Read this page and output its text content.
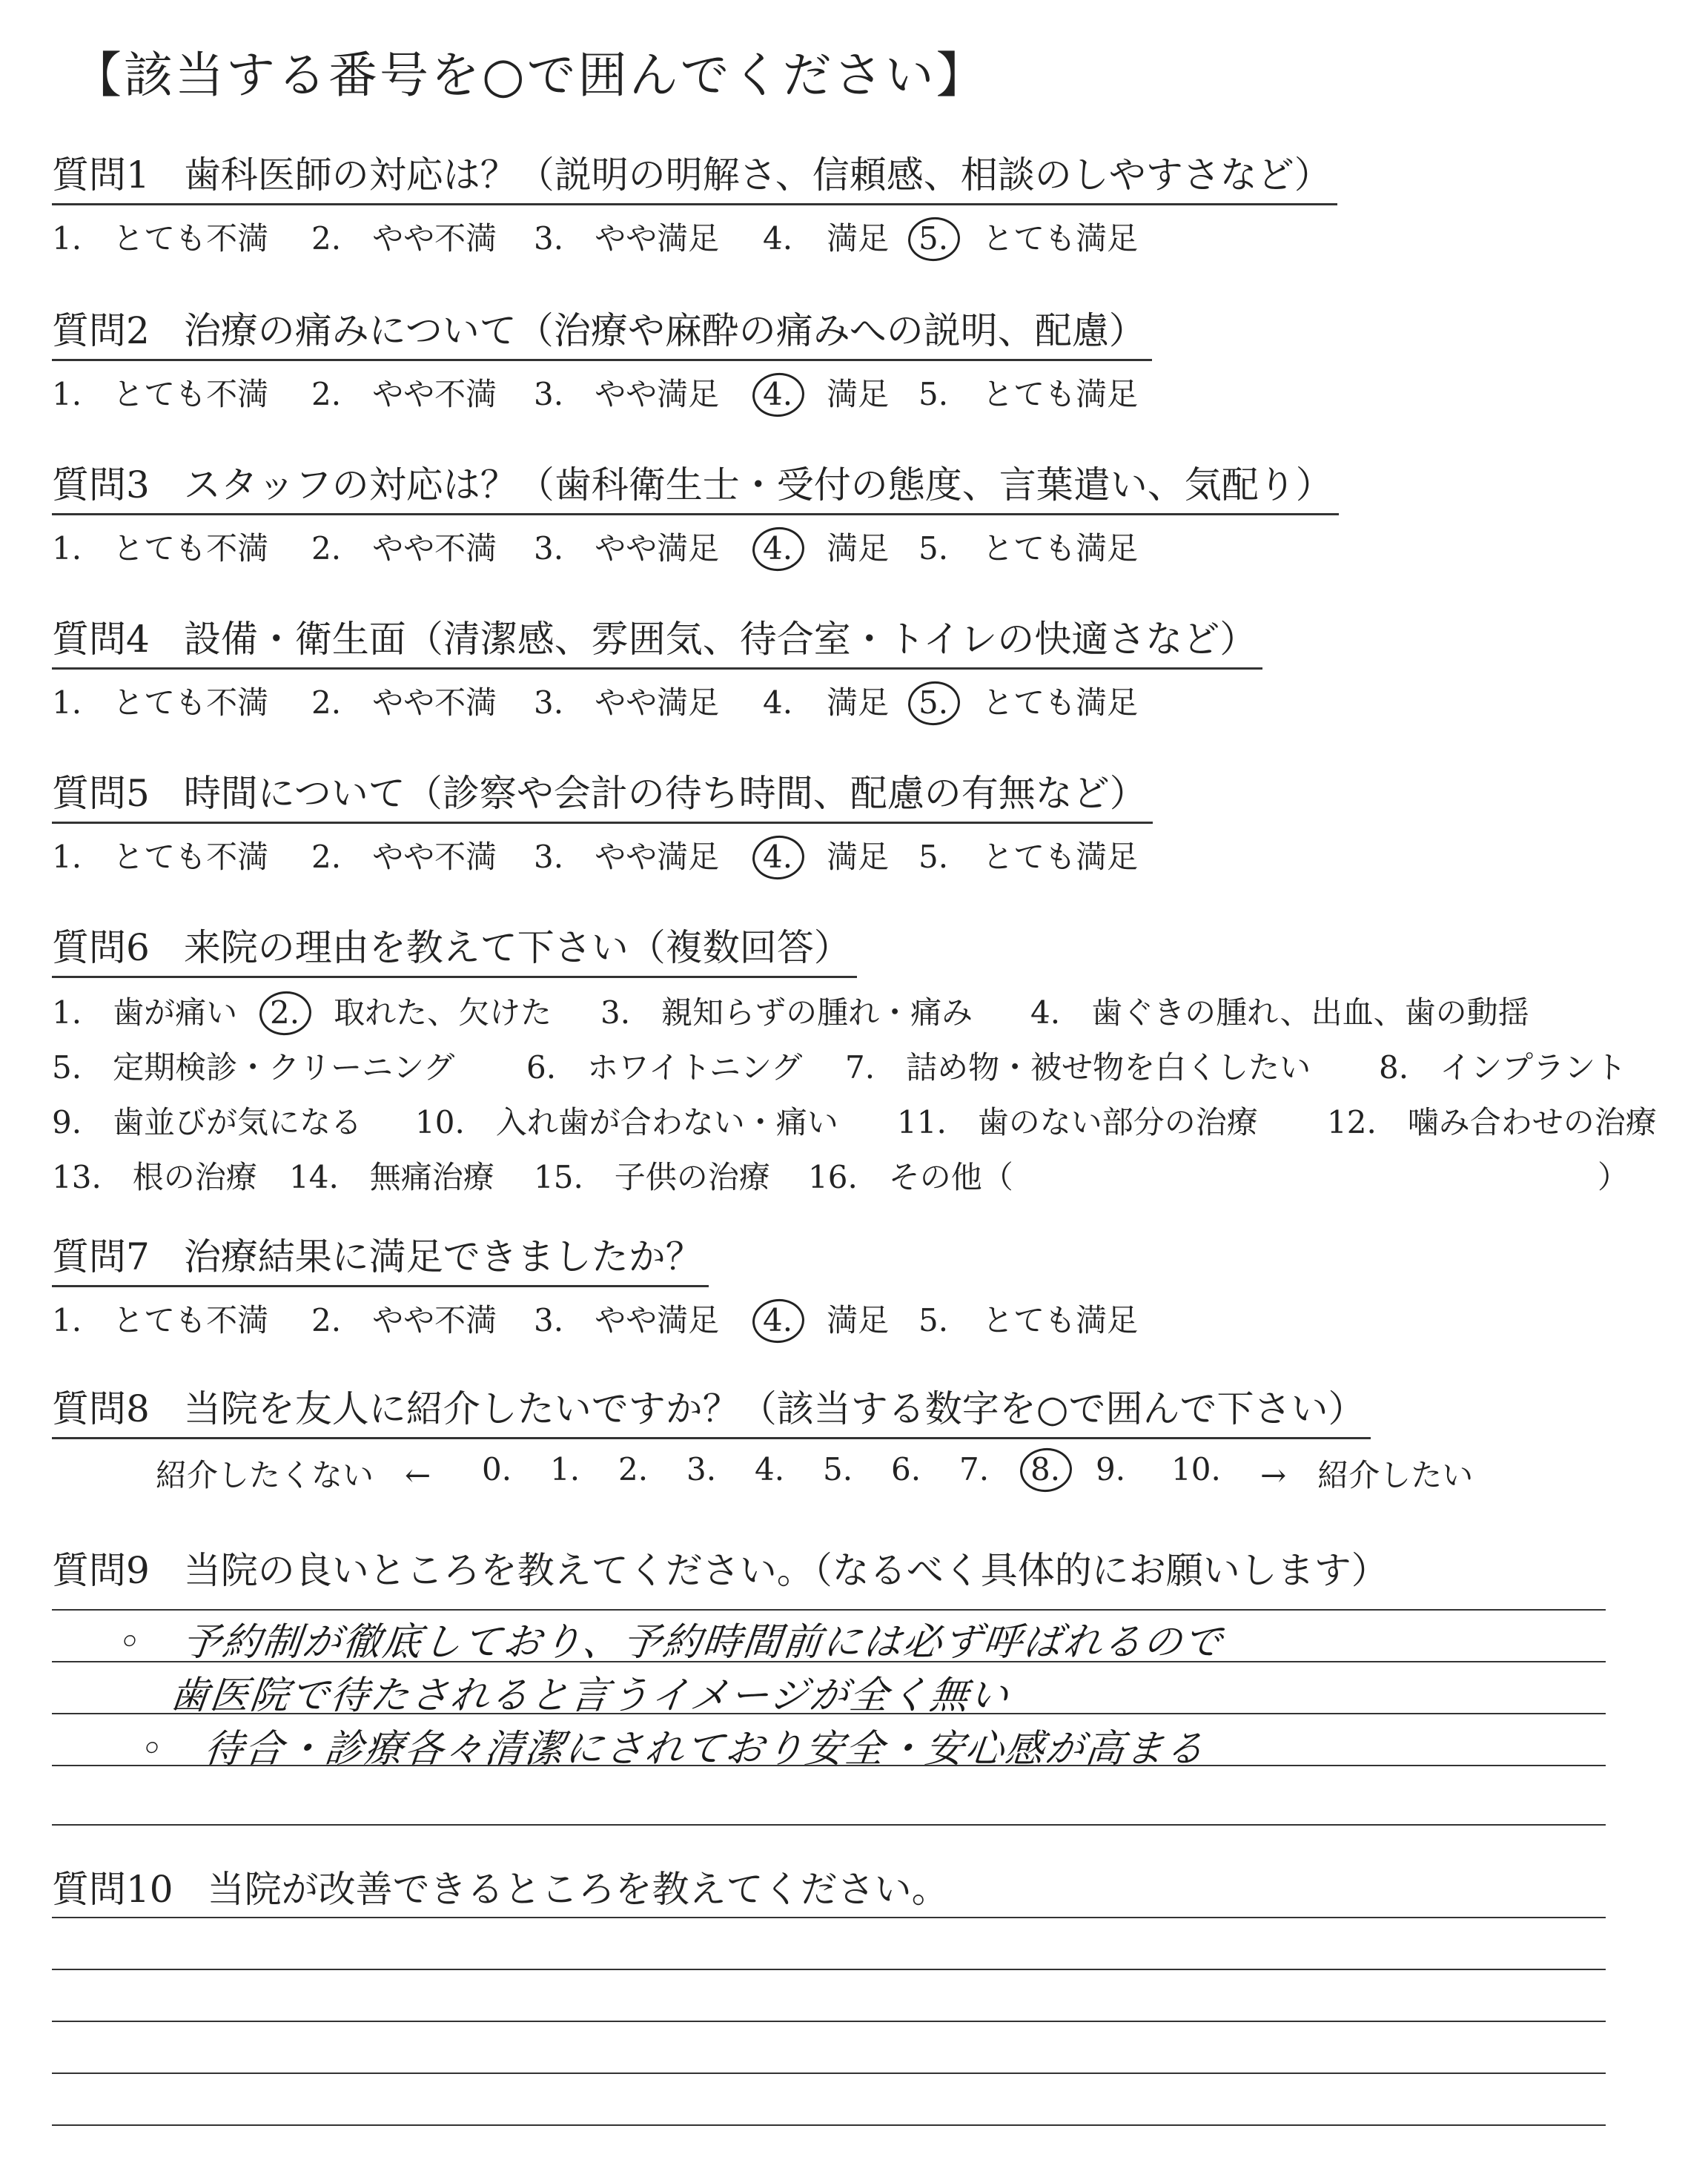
【該当する番号を○で囲んでください】
質問1 歯科医師の対応は？（説明の明解さ、信頼感、相談のしやすさなど）
1.　とても不満 2.　やや不満 3.　やや満足 4.　 満足 5.　 とても満足
質問2 治療の痛みについて（治療や麻酔の痛みへの説明、配慮）
1.　とても不満 2.　やや不満 3.　やや満足 4.　 満足 5.　 とても満足
質問3 スタッフの対応は？（歯科衛生士・受付の態度、言葉遣い、気配り）
1.　とても不満 2.　やや不満 3.　やや満足 4.　 満足 5.　 とても満足
質問4 設備・衛生面（清潔感、雰囲気、待合室・トイレの快適さなど）
1.　とても不満 2.　やや不満 3.　やや満足 4.　 満足 5.　 とても満足
質問5 時間について（診察や会計の待ち時間、配慮の有無など）
1.　とても不満 2.　やや不満 3.　やや満足 4.　 満足 5.　 とても満足
質問6 来院の理由を教えて下さい（複数回答）
1.　歯が痛い 2.　 取れた、欠けた 3.　親知らずの腫れ・痛み 4.　歯ぐきの腫れ、出血、歯の動揺
5.　定期検診・クリーニング 6.　ホワイトニング 7.　詰め物・被せ物を白くしたい 8.　インプラント
9.　歯並びが気になる 10.　入れ歯が合わない・痛い 11.　歯のない部分の治療 12.　噛み合わせの治療
13.　根の治療 14.　無痛治療 15.　子供の治療 16.　その他（	）
質問7 治療結果に満足できましたか？
1.　とても不満 2.　やや不満 3.　やや満足 4.　 満足 5.　 とても満足
質問8 当院を友人に紹介したいですか？（該当する数字を○で囲んで下さい）
紹介したくない　← 0. 1. 2. 3. 4. 5. 6. 7. 8. 9. 10. →　紹介したい
質問9 当院の良いところを教えてください。（なるべく具体的にお願いします）
◦　予約制が徹底しており、予約時間前には必ず呼ばれるので
歯医院で待たされると言うイメージが全く無い
◦　待合・診療各々清潔にされており安全・安心感が高まる
質問10 当院が改善できるところを教えてください。
